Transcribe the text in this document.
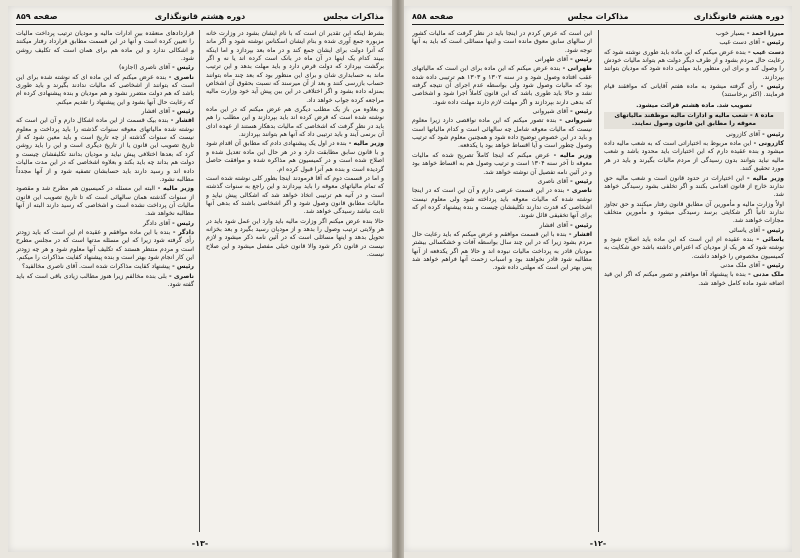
مذاکرات مجلس
دوره هشتم قانونگذاری
صفحه ۸۵۹

بشرط اینکه این تقدیر آن است که با نام ایشان بشود در وزارت خانه مزبوره جمع آوری شده و بنام ایشان اسکناس نوشته شود و اگر ماند که آنرا دولت برای ایشان جمع کند و در ماه بعد بپردازد و اما اینکه ببیند کدام یک اینها در آن ماه در بانک است کرده اند یا نه و اگر برگشت بپردازد که دولت قرض دارد و باید مهلت بدهد و این ترتیب ماند به حسابداری شان و برای این منظور بود که بعد چند ماه بتوانند حساب بازرسی کنند و بعد از آن میرسند که نسبت بحقوق آن اشخاص بمنزله داده بشود و اگر اختلافی در این بین پیش آید خود وزارت مالیه مراجعه کرده جواب خواهد داد.

و بعلاوه من باز یک مطلب دیگری هم عرض میکنم که در این ماده نوشته شده است که قرض کرده اند باید بپردازند و این مطلب را هم باید در نظر گرفت که اشخاصی که مالیات بدهکار هستند از عهده ادای آن برنمی آیند و باید ترتیبی داد که آنها هم بتوانند بپردازند.

وزیر مالیه - بنده در اول یک پیشنهادی دادم که مطابق آن اقدام شود و با قانون سابق مطابقت دارد و در هر حال این ماده تعدیل شده و اصلاح شده است و در کمیسیون هم مذاکره شده و موافقت حاصل گردیده است و بنده هم آنرا قبول کرده ام.

و اما در قسمت دوم که آقا فرمودند اینجا بطور کلی نوشته شده است که تمام مالیاتهای معوقه را باید بپردازند و این راجع به سنوات گذشته است و در آتیه هم ترتیبی اتخاذ خواهد شد که اشکالی پیش نیاید و مالیات مطابق قانون وصول شود و اگر اشخاصی باشند که بدهی آنها ثابت نباشد رسیدگی خواهد شد.

حالا بنده عرض میکنم اگر وزارت مالیه باید وارد این عمل شود باید در هر ولایتی ترتیب وصول را بدهد و از مودیان رسید بگیرد و بعد بخزانه تحویل بدهد و اینها مسائلی است که در آئین نامه ذکر میشود و لازم نیست در قانون ذکر شود والا قانون خیلی مفصل میشود و این صلاح نیست.

قراردادهای منعقده بین ادارات مالیه و مودیان ترتیب پرداخت مالیات را تعیین کرده است و آنها در این قسمت مطابق قرارداد رفتار میکنند و اشکالی ندارد و این ماده هم برای همان است که تکلیف روشن شود.

رئیس - آقای ناصری (اجازه)

ناصری - بنده عرض میکنم که این ماده ای که نوشته شده برای این است که بتوانند از اشخاصی که مالیات ندادند بگیرند و باید طوری باشد که هم دولت متضرر نشود و هم مودیان و بنده پیشنهادی کرده ام که رعایت حال آنها بشود و این پیشنهاد را تقدیم میکنم.

رئیس - آقای افشار

افشار - بنده بیک قسمت از این ماده اشکال دارم و آن این است که نوشته شده مالیاتهای معوقه سنوات گذشته را باید پرداخت و معلوم نیست که سنوات گذشته از چه تاریخ است و باید معین شود که از تاریخ تصویب این قانون یا از تاریخ دیگری است و این را باید روشن کرد که بعدها اختلافی پیش نیاید و مودیان بدانند تکلیفشان چیست و دولت هم بداند چه باید بکند و بعلاوه اشخاصی که در این مدت مالیات داده اند و رسید دارند باید حسابشان تصفیه شود و از آنها مجدداً مطالبه نشود.

وزیر مالیه - البته این مسئله در کمیسیون هم مطرح شد و مقصود از سنوات گذشته همان سالهائی است که تا تاریخ تصویب این قانون مالیات آن پرداخت نشده است و اشخاصی که رسید دارند البته از آنها مطالبه نخواهد شد.

رئیس - آقای دادگر

دادگر - بنده با این ماده موافقم و عقیده ام این است که باید زودتر رأی گرفته شود زیرا که این مسئله مدتها است که در مجلس مطرح است و مردم منتظر هستند که تکلیف آنها معلوم شود و هر چه زودتر این کار انجام شود بهتر است و بنده پیشنهاد کفایت مذاکرات را میکنم.

رئیس - پیشنهاد کفایت مذاکرات شده است. آقای ناصری مخالفید؟

ناصری - بلی بنده مخالفم زیرا هنوز مطالب زیادی باقی است که باید گفته شود.

-۱۳-
دوره هشتم قانونگذاری
مذاکرات مجلس
صفحه ۸۵۸

میرزا احمد - بسیار خوب

رئیس - آقای دست غیب

دست غیب - بنده عرض میکنم که این ماده باید طوری نوشته شود که رعایت حال مردم بشود و از طرف دیگر دولت هم بتواند مالیات خودش را وصول کند و برای این منظور باید مهلتی داده شود که مودیان بتوانند بپردازند.

رئیس - رأی گرفته میشود به ماده هفتم آقایانی که موافقند قیام فرمایند. (اکثر برخاستند)

تصویب شد. ماده هشتم قرائت میشود.

ماده ۸ - شعب مالیه و ادارات مالیه موظفند مالیاتهای معوقه را مطابق این قانون وصول نمایند.

رئیس - آقای کازرونی

کازرونی - این ماده مربوط به اختیاراتی است که به شعب مالیه داده میشود و بنده عقیده دارم که این اختیارات باید محدود باشد و شعب مالیه نباید بتوانند بدون رسیدگی از مردم مالیات بگیرند و باید در هر مورد تحقیق کنند.

وزیر مالیه - این اختیارات در حدود قانون است و شعب مالیه حق ندارند خارج از قانون اقدامی بکنند و اگر تخلفی بشود رسیدگی خواهد شد.

اولاً وزارت مالیه و مأمورین آن مطابق قانون رفتار میکنند و حق تجاوز ندارند ثانیاً اگر شکایتی برسد رسیدگی میشود و مأمورین متخلف مجازات خواهند شد.

رئیس - آقای یاسائی

یاسائی - بنده عقیده ام این است که این ماده باید اصلاح شود و نوشته شود که هر یک از مودیان که اعتراض داشته باشد حق شکایت به کمیسیون مخصوص را خواهد داشت.

رئیس - آقای ملک مدنی

ملک مدنی - بنده با پیشنهاد آقا موافقم و تصور میکنم که اگر این قید اضافه شود ماده کامل خواهد شد.

این است که عرض کردم در اینجا باید در نظر گرفت که مالیات کشور از سالهای سابق معوق مانده است و اینها مسائلی است که باید به آنها توجه شود.

رئیس - آقای طهرانی

طهرانی - بنده عرض میکنم که این ماده برای این است که مالیاتهای عقب افتاده وصول شود و در سنه ۱۳۰۲ و ۱۳۰۳ هم ترتیبی داده شده بود که مالیات وصول شود ولی بواسطه عدم اجرای آن نتیجه گرفته نشد و حالا باید طوری باشد که این قانون کاملاً اجرا شود و اشخاصی که بدهی دارند بپردازند و اگر مهلت لازم دارند مهلت داده شود.

رئیس - آقای شیروانی

شیروانی - بنده تصور میکنم که این ماده نواقصی دارد زیرا معلوم نیست که مالیات معوقه شامل چه سالهائی است و کدام مالیاتها است و باید در این خصوص توضیح داده شود و همچنین معلوم شود که ترتیب وصول چطور است و آیا اقساط خواهد بود یا یکدفعه.

وزیر مالیه - عرض میکنم که اینجا کاملاً تصریح شده که مالیات معوقه تا آخر سنه ۱۳۰۴ است و ترتیب وصول هم به اقساط خواهد بود و در آئین نامه تفصیل آن نوشته خواهد شد.

رئیس - آقای ناصری

ناصری - بنده در این قسمت عرضی دارم و آن این است که در اینجا نوشته شده که مالیات معوقه باید پرداخته شود ولی معلوم نیست اشخاصی که قدرت ندارند تکلیفشان چیست و بنده پیشنهاد کرده ام که برای آنها تخفیفی قائل شوند.

رئیس - آقای افشار

افشار - بنده با این قسمت موافقم و عرض میکنم که باید رعایت حال مردم بشود زیرا که در این چند سال بواسطه آفات و خشکسالی بیشتر مودیان قادر به پرداخت مالیات نبوده اند و حالا هم اگر یکدفعه از آنها مطالبه شود قادر نخواهند بود و اسباب زحمت آنها فراهم خواهد شد پس بهتر این است که مهلتی داده شود.

-۱۲-
